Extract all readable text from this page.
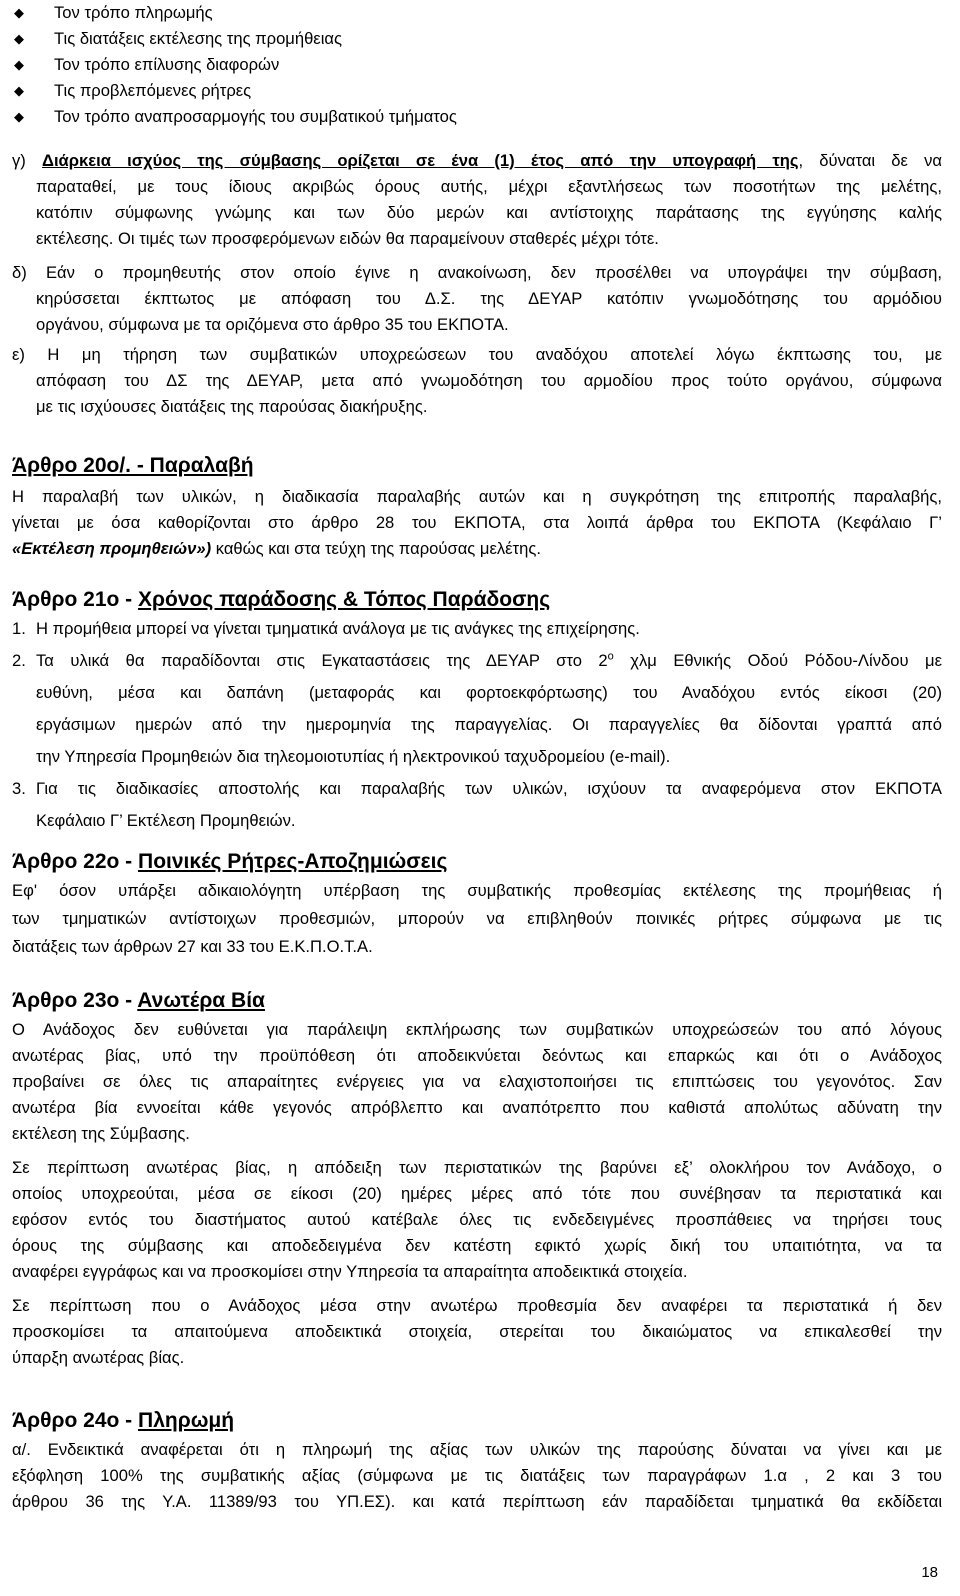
◆	Τον τρόπο πληρωμής
◆	Τις διατάξεις εκτέλεσης της προμήθειας
◆	Τον τρόπο επίλυσης διαφορών
◆	Τις προβλεπόμενες ρήτρες
◆	Τον τρόπο αναπροσαρμογής του συμβατικού τμήματος
γ) Διάρκεια ισχύος της σύμβασης ορίζεται σε ένα (1) έτος από την υπογραφή της, δύναται δε να
παραταθεί, με τους ίδιους ακριβώς όρους αυτής, μέχρι εξαντλήσεως των ποσοτήτων της μελέτης,
κατόπιν σύμφωνης γνώμης και των δύο μερών και αντίστοιχης παράτασης της εγγύησης καλής
εκτέλεσης. Οι τιμές των προσφερόμενων ειδών θα παραμείνουν σταθερές μέχρι τότε.
δ) Εάν ο προμηθευτής στον οποίο έγινε η ανακοίνωση, δεν προσέλθει να υπογράψει την σύμβαση,
κηρύσσεται έκπτωτος με απόφαση του Δ.Σ. της ΔΕΥΑΡ κατόπιν γνωμοδότησης του αρμόδιου
οργάνου, σύμφωνα με τα οριζόμενα στο άρθρο 35 του ΕΚΠΟΤΑ.
ε) Η μη τήρηση των συμβατικών υποχρεώσεων του αναδόχου αποτελεί λόγω έκπτωσης του, με
απόφαση του ΔΣ της ΔΕΥΑΡ, μετα από γνωμοδότηση του αρμοδίου προς τούτο οργάνου, σύμφωνα
με τις ισχύουσες διατάξεις της παρούσας διακήρυξης.
Άρθρο 20ο/. - Παραλαβή
Η παραλαβή των υλικών, η διαδικασία παραλαβής αυτών και η συγκρότηση της επιτροπής παραλαβής,
γίνεται με όσα καθορίζονται στο άρθρο 28 του ΕΚΠΟΤΑ, στα λοιπά άρθρα του ΕΚΠΟΤΑ (Κεφάλαιο Γ’
«Εκτέλεση προμηθειών») καθώς και στα τεύχη της παρούσας μελέτης.
Άρθρο 21ο - Χρόνος παράδοσης & Τόπος Παράδοσης
1. Η προμήθεια μπορεί να γίνεται τμηματικά ανάλογα με τις ανάγκες της επιχείρησης.
2. Τα υλικά θα παραδίδονται στις Εγκαταστάσεις της ΔΕΥΑΡ στο $2^o$ χλμ Εθνικής Οδού Ρόδου-Λίνδου με
ευθύνη, μέσα και δαπάνη (μεταφοράς και φορτοεκφόρτωσης) του Αναδόχου εντός είκοσι (20)
εργάσιμων ημερών από την ημερομηνία της παραγγελίας. Οι παραγγελίες θα δίδονται γραπτά από
την Υπηρεσία Προμηθειών δια τηλεομοιοτυπίας ή ηλεκτρονικού ταχυδρομείου (e-mail).
3. Για τις διαδικασίες αποστολής και παραλαβής των υλικών, ισχύουν τα αναφερόμενα στον ΕΚΠΟΤΑ
Κεφάλαιο Γ’ Εκτέλεση Προμηθειών.
Άρθρο 22ο - Ποινικές Ρήτρες-Αποζημιώσεις
Εφ' όσον υπάρξει αδικαιολόγητη υπέρβαση της συμβατικής προθεσμίας εκτέλεσης της προμήθειας ή
των τμηματικών αντίστοιχων προθεσμιών, μπορούν να επιβληθούν ποινικές ρήτρες σύμφωνα με τις
διατάξεις των άρθρων 27 και 33 του Ε.Κ.Π.Ο.Τ.Α.
Άρθρο 23ο - Ανωτέρα Βία
Ο Ανάδοχος δεν ευθύνεται για παράλειψη εκπλήρωσης των συμβατικών υποχρεώσεών του από λόγους
ανωτέρας βίας, υπό την προϋπόθεση ότι αποδεικνύεται δεόντως και επαρκώς και ότι ο Ανάδοχος
προβαίνει σε όλες τις απαραίτητες ενέργειες για να ελαχιστοποιήσει τις επιπτώσεις του γεγονότος. Σαν
ανωτέρα βία εννοείται κάθε γεγονός απρόβλεπτο και αναπότρεπτο που καθιστά απολύτως αδύνατη την
εκτέλεση της Σύμβασης.
Σε περίπτωση ανωτέρας βίας, η απόδειξη των περιστατικών της βαρύνει εξ’ ολοκλήρου τον Ανάδοχο, ο
οποίος υποχρεούται, μέσα σε είκοσι (20) ημέρες μέρες από τότε που συνέβησαν τα περιστατικά και
εφόσον εντός του διαστήματος αυτού κατέβαλε όλες τις ενδεδειγμένες προσπάθειες να τηρήσει τους
όρους της σύμβασης και αποδεδειγμένα δεν κατέστη εφικτό χωρίς δική του υπαιτιότητα, να τα
αναφέρει εγγράφως και να προσκομίσει στην Υπηρεσία τα απαραίτητα αποδεικτικά στοιχεία.
Σε περίπτωση που ο Ανάδοχος μέσα στην ανωτέρω προθεσμία δεν αναφέρει τα περιστατικά ή δεν
προσκομίσει τα απαιτούμενα αποδεικτικά στοιχεία, στερείται του δικαιώματος να επικαλεσθεί την
ύπαρξη ανωτέρας βίας.
Άρθρο 24ο - Πληρωμή
α/. Ενδεικτικά αναφέρεται ότι η πληρωμή της αξίας των υλικών της παρούσης δύναται να γίνει και με
εξόφληση 100% της συμβατικής αξίας (σύμφωνα με τις διατάξεις των παραγράφων 1.α , 2 και 3 του
άρθρου 36 της Υ.Α. 11389/93 του ΥΠ.ΕΣ). και κατά περίπτωση εάν παραδίδεται τμηματικά θα εκδίδεται
18
